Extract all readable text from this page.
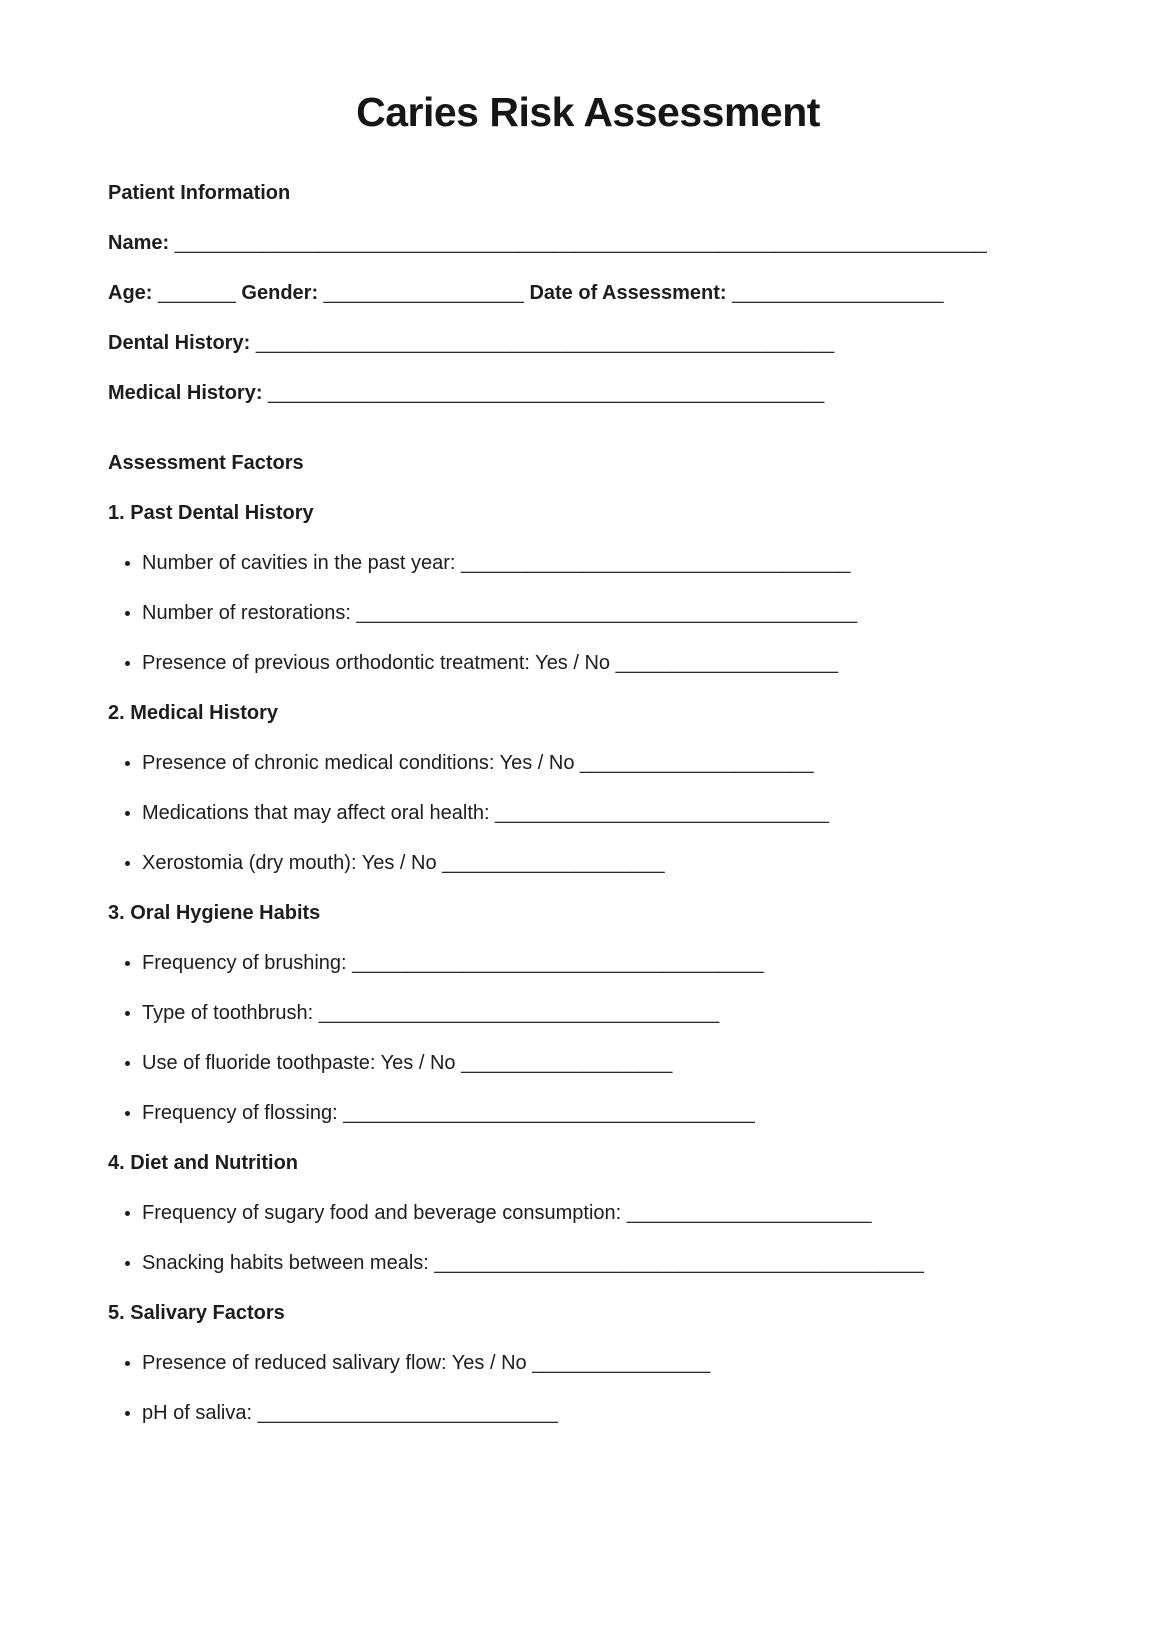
Caries Risk Assessment
Patient Information
Name: _________________________________________________________________________
Age: _______ Gender: __________________ Date of Assessment: ___________________
Dental History: ____________________________________________________
Medical History: __________________________________________________
Assessment Factors
1. Past Dental History
• Number of cavities in the past year: ___________________________________
• Number of restorations: _____________________________________________
• Presence of previous orthodontic treatment: Yes / No ____________________
2. Medical History
• Presence of chronic medical conditions: Yes / No _____________________
• Medications that may affect oral health: ______________________________
• Xerostomia (dry mouth): Yes / No ____________________
3. Oral Hygiene Habits
• Frequency of brushing: _____________________________________
• Type of toothbrush: ____________________________________
• Use of fluoride toothpaste: Yes / No ___________________
• Frequency of flossing: _____________________________________
4. Diet and Nutrition
• Frequency of sugary food and beverage consumption: ______________________
• Snacking habits between meals: ____________________________________________
5. Salivary Factors
• Presence of reduced salivary flow: Yes / No ________________
• pH of saliva: ___________________________
